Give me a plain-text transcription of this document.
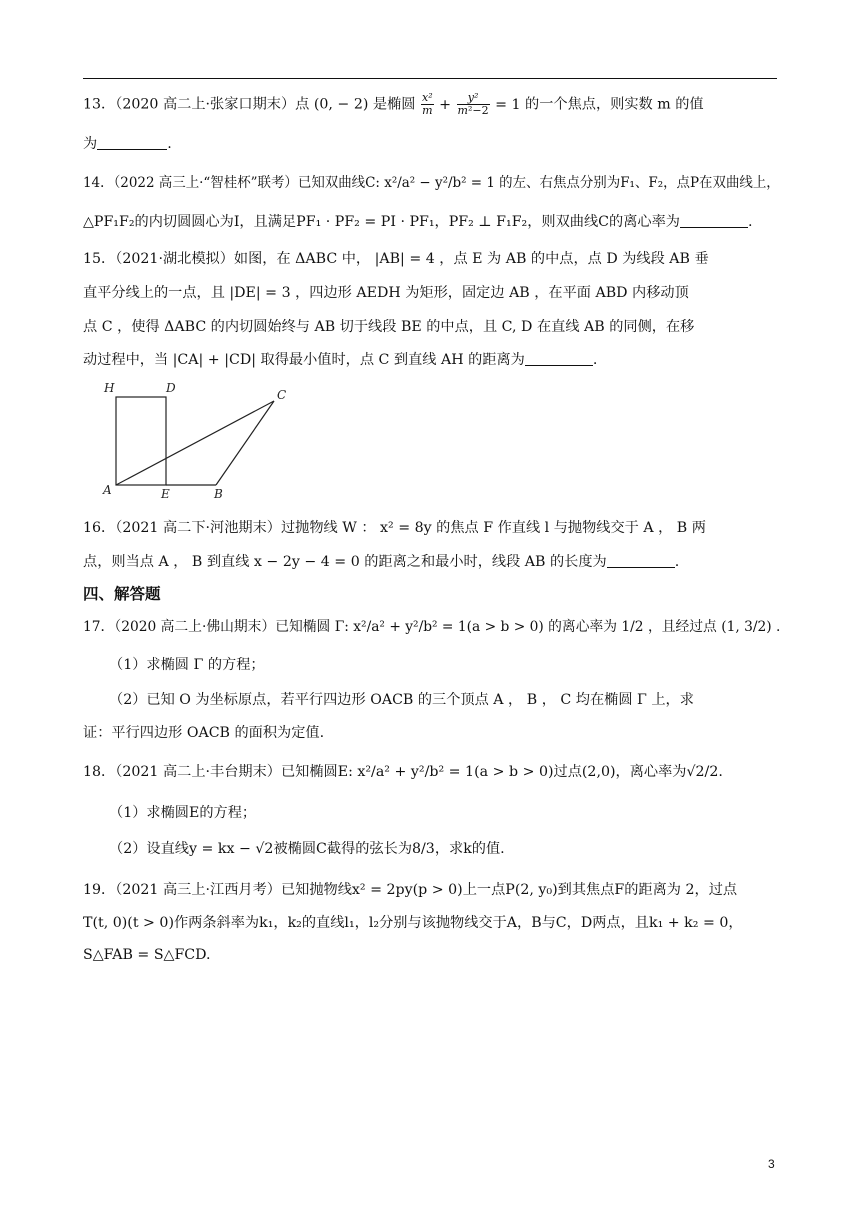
13．（2020 高二上·张家口期末）点 (0, − 2) 是椭圆 $\frac{\text{x²}}{m} + \frac{\text{y²}}{\text{m²−2}} = 1$ 的一个焦点，则实数 m 的值
为	.
14．（2022 高三上·“智桂杯”联考）已知双曲线C: x²/a² − y²/b² = 1 的左、右焦点分别为F₁、F₂，点P在双曲线上，
△PF₁F₂的内切圆圆心为I，且满足PF₁ · PF₂ = PI · PF₁，PF₂ ⊥ F₁F₂，则双曲线C的离心率为	.
15．（2021·湖北模拟）如图，在 ΔABC 中， |AB| = 4 ，点 E 为 AB 的中点，点 D 为线段 AB 垂
直平分线上的一点，且 |DE| = 3 ，四边形 AEDH 为矩形，固定边 AB ，在平面 ABD 内移动顶
点 C ，使得 ΔABC 的内切圆始终与 AB 切于线段 BE 的中点，且 C, D 在直线 AB 的同侧，在移
动过程中，当 |CA| + |CD| 取得最小值时，点 C 到直线 AH 的距离为	.
H	D	C
A	E	B
16．（2021 高二下·河池期末）过抛物线 W ： x² = 8y 的焦点 F 作直线 l 与抛物线交于 A ， B 两
点，则当点 A ， B 到直线 x − 2y − 4 = 0 的距离之和最小时，线段 AB 的长度为	.
四、解答题
17．（2020 高二上·佛山期末）已知椭圆 Γ: x²/a² + y²/b² = 1(a > b > 0) 的离心率为 1/2 ，且经过点 (1, 3/2) .
（1）求椭圆 Γ 的方程；
（2）已知 O 为坐标原点，若平行四边形 OACB 的三个顶点 A ， B ， C 均在椭圆 Γ 上，求
证：平行四边形 OACB 的面积为定值.
18．（2021 高二上·丰台期末）已知椭圆E: x²/a² + y²/b² = 1(a > b > 0)过点(2,0)，离心率为√2/2.
（1）求椭圆E的方程；
（2）设直线y = kx − √2被椭圆C截得的弦长为8/3，求k的值.
19．（2021 高三上·江西月考）已知抛物线x² = 2py(p > 0)上一点P(2, y₀)到其焦点F的距离为 2，过点
T(t, 0)(t > 0)作两条斜率为k₁，k₂的直线l₁，l₂分别与该抛物线交于A，B与C，D两点，且k₁ + k₂ = 0，
S△FAB = S△FCD.
3
